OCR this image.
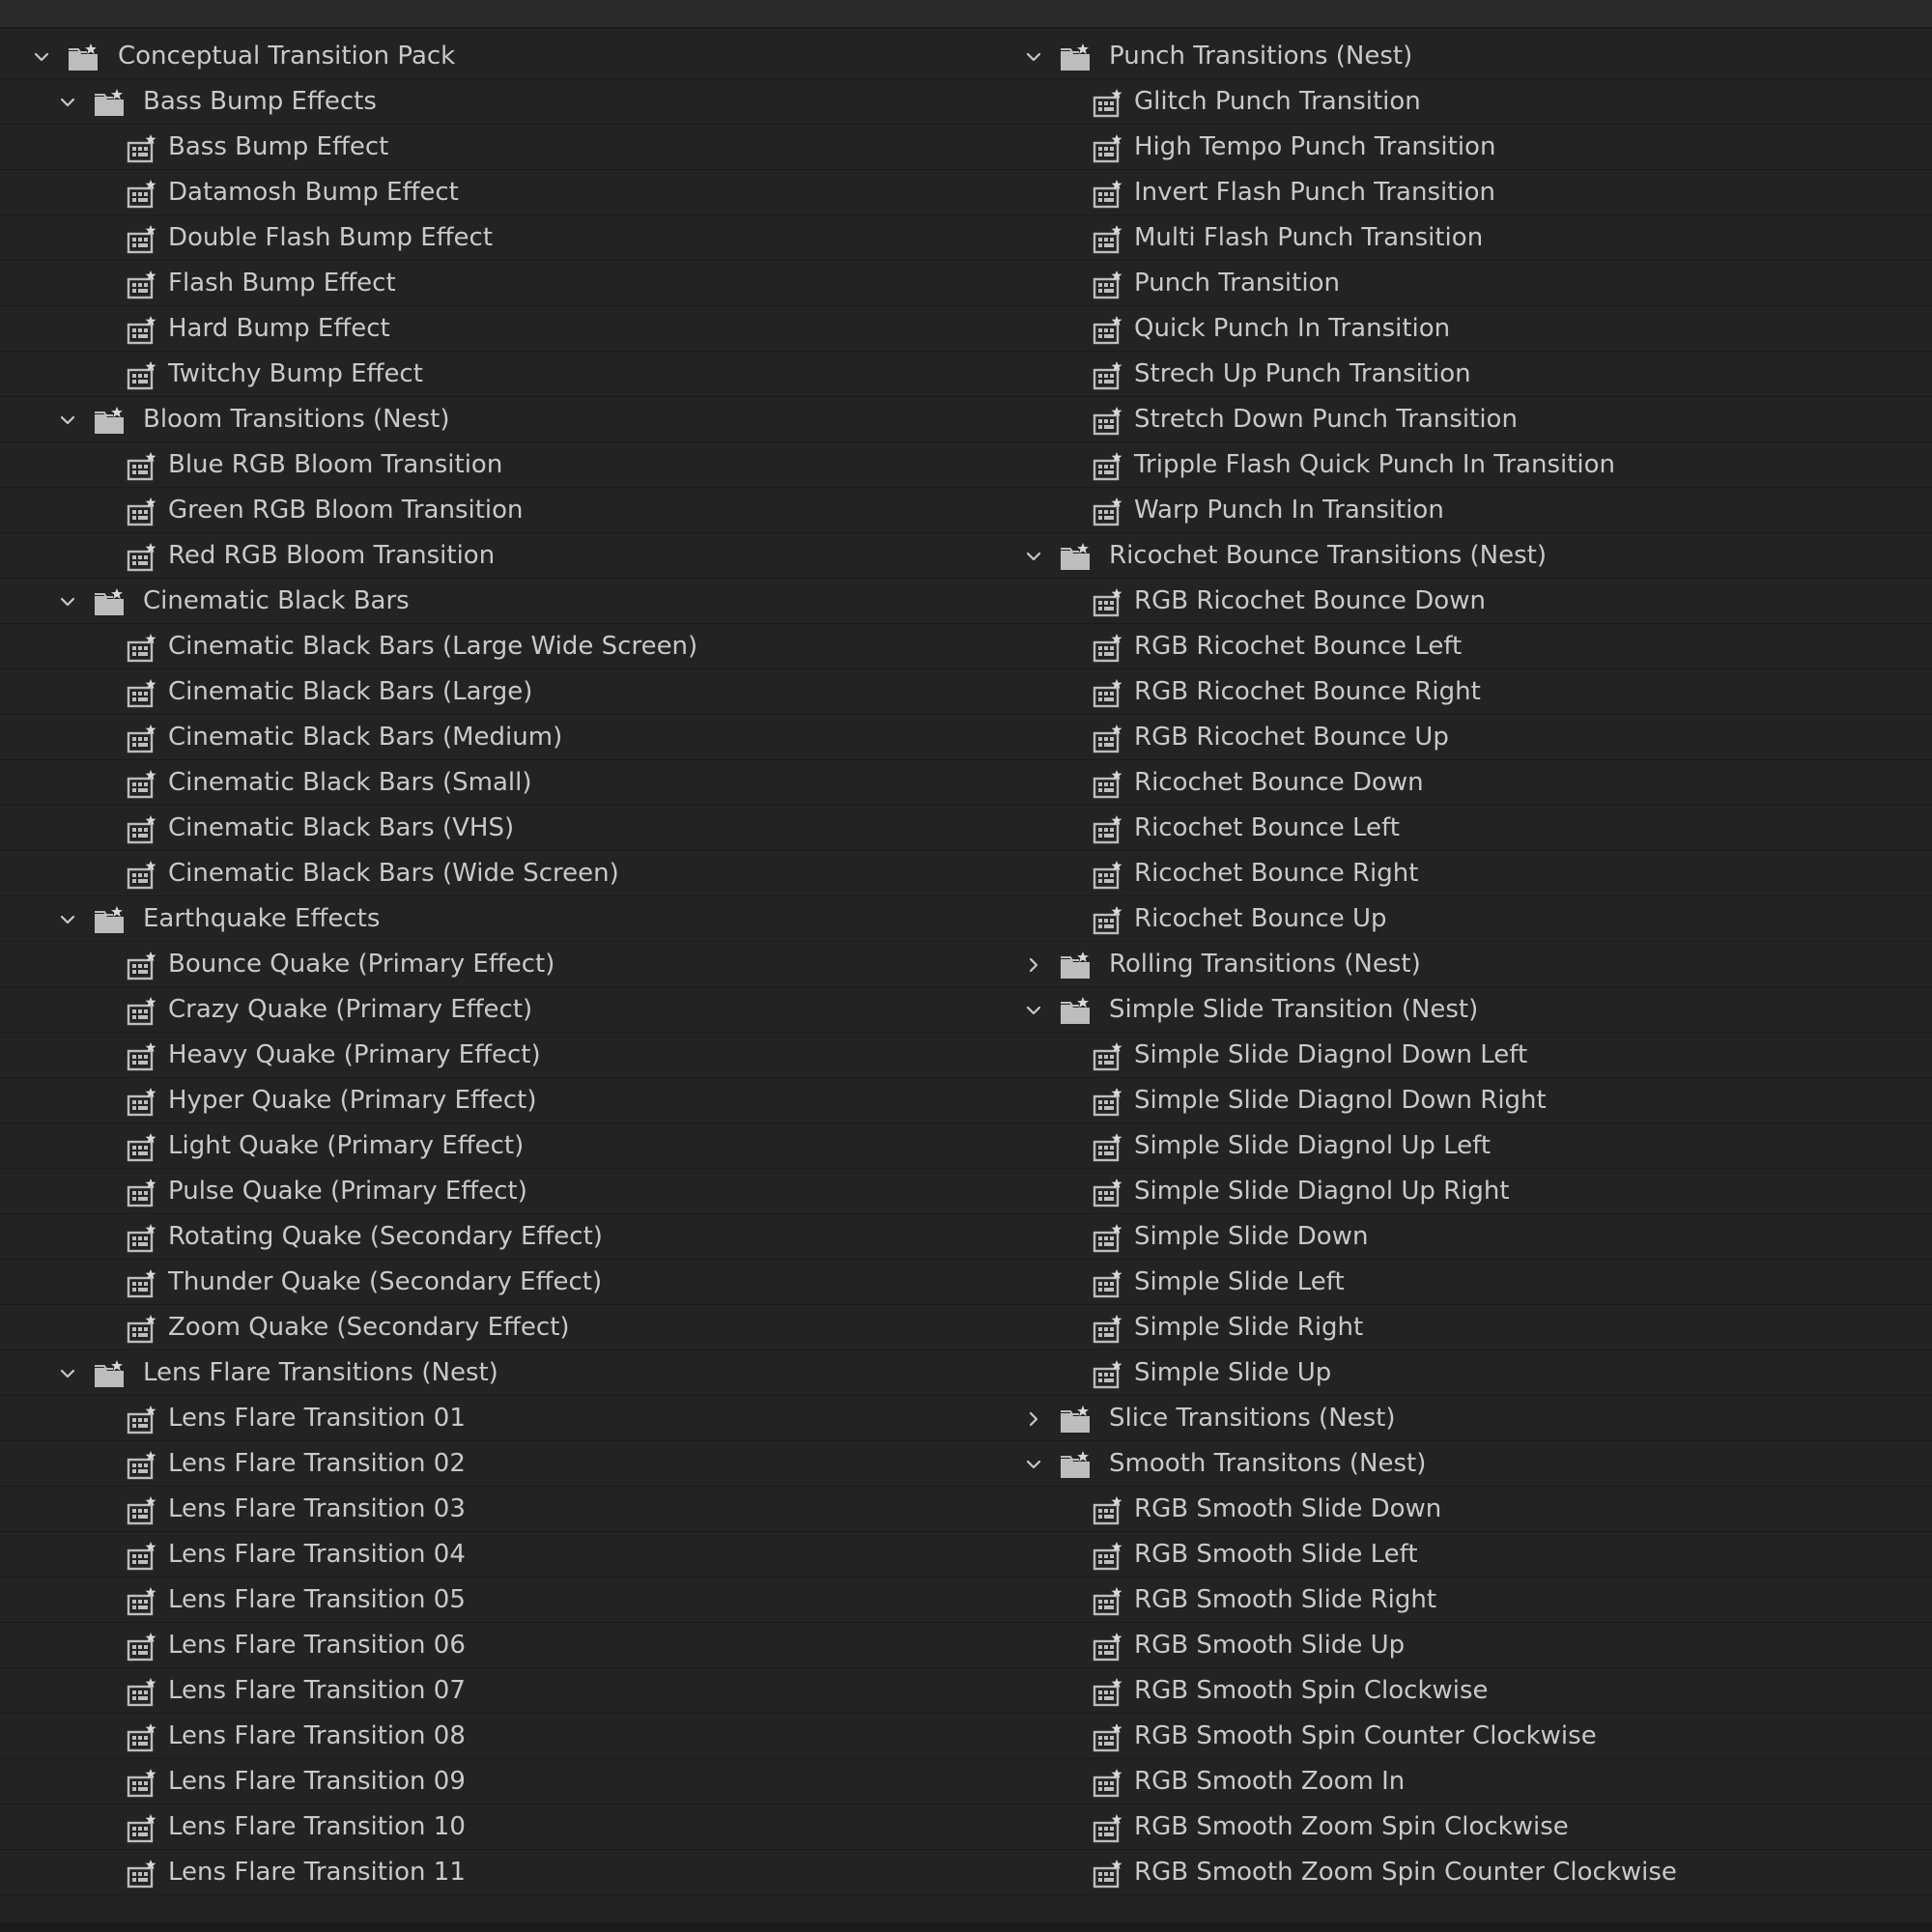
Conceptual Transition Pack
Bass Bump Effects
Bass Bump Effect
Datamosh Bump Effect
Double Flash Bump Effect
Flash Bump Effect
Hard Bump Effect
Twitchy Bump Effect
Bloom Transitions (Nest)
Blue RGB Bloom Transition
Green RGB Bloom Transition
Red RGB Bloom Transition
Cinematic Black Bars
Cinematic Black Bars (Large Wide Screen)
Cinematic Black Bars (Large)
Cinematic Black Bars (Medium)
Cinematic Black Bars (Small)
Cinematic Black Bars (VHS)
Cinematic Black Bars (Wide Screen)
Earthquake Effects
Bounce Quake (Primary Effect)
Crazy Quake (Primary Effect)
Heavy Quake (Primary Effect)
Hyper Quake (Primary Effect)
Light Quake (Primary Effect)
Pulse Quake (Primary Effect)
Rotating Quake (Secondary Effect)
Thunder Quake (Secondary Effect)
Zoom Quake (Secondary Effect)
Lens Flare Transitions (Nest)
Lens Flare Transition 01
Lens Flare Transition 02
Lens Flare Transition 03
Lens Flare Transition 04
Lens Flare Transition 05
Lens Flare Transition 06
Lens Flare Transition 07
Lens Flare Transition 08
Lens Flare Transition 09
Lens Flare Transition 10
Lens Flare Transition 11
Punch Transitions (Nest)
Glitch Punch Transition
High Tempo Punch Transition
Invert Flash Punch Transition
Multi Flash Punch Transition
Punch Transition
Quick Punch In Transition
Strech Up Punch Transition
Stretch Down Punch Transition
Tripple Flash Quick Punch In Transition
Warp Punch In Transition
Ricochet Bounce Transitions (Nest)
RGB Ricochet Bounce Down
RGB Ricochet Bounce Left
RGB Ricochet Bounce Right
RGB Ricochet Bounce Up
Ricochet Bounce Down
Ricochet Bounce Left
Ricochet Bounce Right
Ricochet Bounce Up
Rolling Transitions (Nest)
Simple Slide Transition (Nest)
Simple Slide Diagnol Down Left
Simple Slide Diagnol Down Right
Simple Slide Diagnol Up Left
Simple Slide Diagnol Up Right
Simple Slide Down
Simple Slide Left
Simple Slide Right
Simple Slide Up
Slice Transitions (Nest)
Smooth Transitons (Nest)
RGB Smooth Slide Down
RGB Smooth Slide Left
RGB Smooth Slide Right
RGB Smooth Slide Up
RGB Smooth Spin Clockwise
RGB Smooth Spin Counter Clockwise
RGB Smooth Zoom In
RGB Smooth Zoom Spin Clockwise
RGB Smooth Zoom Spin Counter Clockwise
